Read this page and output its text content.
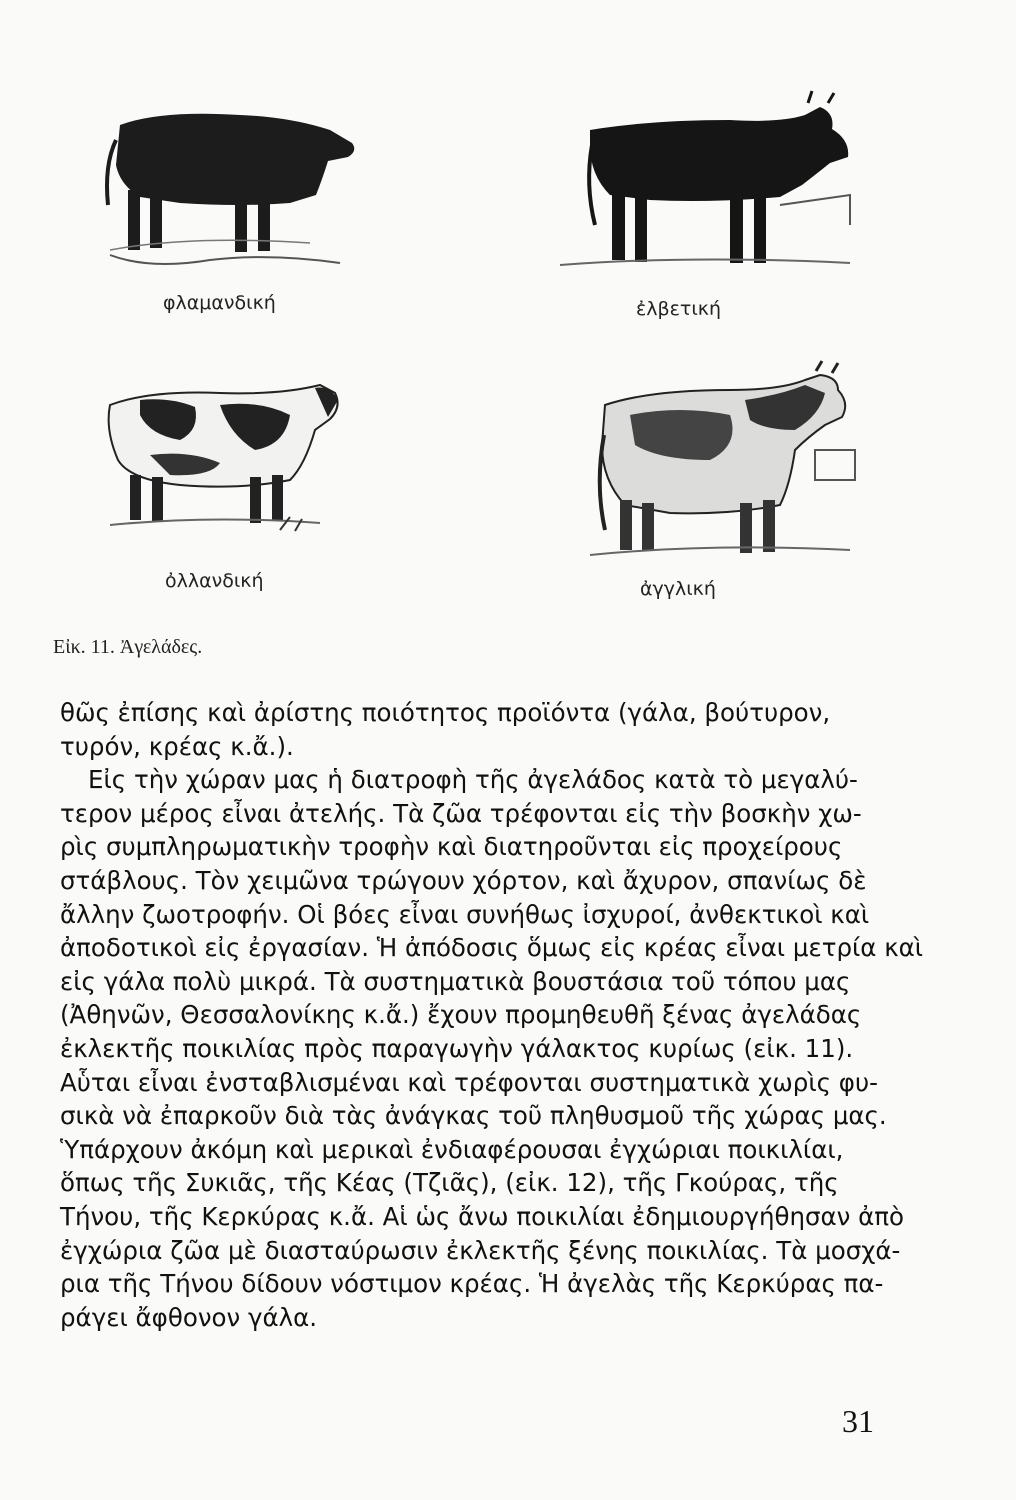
φλαμανδική	ἐλβετική
ὀλλανδική	ἀγγλική
Εἰκ. 11. Ἀγελάδες.
θῶς ἐπίσης καὶ ἀρίστης ποιότητος προϊόντα (γάλα, βούτυρον,
τυρόν, κρέας κ.ἄ.).
Εἰς τὴν χώραν μας ἡ διατροφὴ τῆς ἀγελάδος κατὰ τὸ μεγαλύ-
τερον μέρος εἶναι ἀτελής. Τὰ ζῶα τρέφονται εἰς τὴν βοσκὴν χω-
ρὶς συμπληρωματικὴν τροφὴν καὶ διατηροῦνται εἰς προχείρους
στάβλους. Τὸν χειμῶνα τρώγουν χόρτον, καὶ ἄχυρον, σπανίως δὲ
ἄλλην ζωοτροφήν. Οἱ βόες εἶναι συνήθως ἰσχυροί, ἀνθεκτικοὶ καὶ
ἀποδοτικοὶ εἰς ἐργασίαν. Ἡ ἀπόδοσις ὅμως εἰς κρέας εἶναι μετρία καὶ
εἰς γάλα πολὺ μικρά. Τὰ συστηματικὰ βουστάσια τοῦ τόπου μας
(Ἀθηνῶν, Θεσσαλονίκης κ.ἄ.) ἔχουν προμηθευθῆ ξένας ἀγελάδας
ἐκλεκτῆς ποικιλίας πρὸς παραγωγὴν γάλακτος κυρίως (εἰκ. 11).
Αὗται εἶναι ἐνσταβλισμέναι καὶ τρέφονται συστηματικὰ χωρὶς φυ-
σικὰ νὰ ἐπαρκοῦν διὰ τὰς ἀνάγκας τοῦ πληθυσμοῦ τῆς χώρας μας.
Ὑπάρχουν ἀκόμη καὶ μερικαὶ ἐνδιαφέρουσαι ἐγχώριαι ποικιλίαι,
ὅπως τῆς Συκιᾶς, τῆς Κέας (Τζιᾶς), (εἰκ. 12), τῆς Γκούρας, τῆς
Τήνου, τῆς Κερκύρας κ.ἄ. Αἱ ὡς ἄνω ποικιλίαι ἐδημιουργήθησαν ἀπὸ
ἐγχώρια ζῶα μὲ διασταύρωσιν ἐκλεκτῆς ξένης ποικιλίας. Τὰ μοσχά-
ρια τῆς Τήνου δίδουν νόστιμον κρέας. Ἡ ἀγελὰς τῆς Κερκύρας πα-
ράγει ἄφθονον γάλα.
31
